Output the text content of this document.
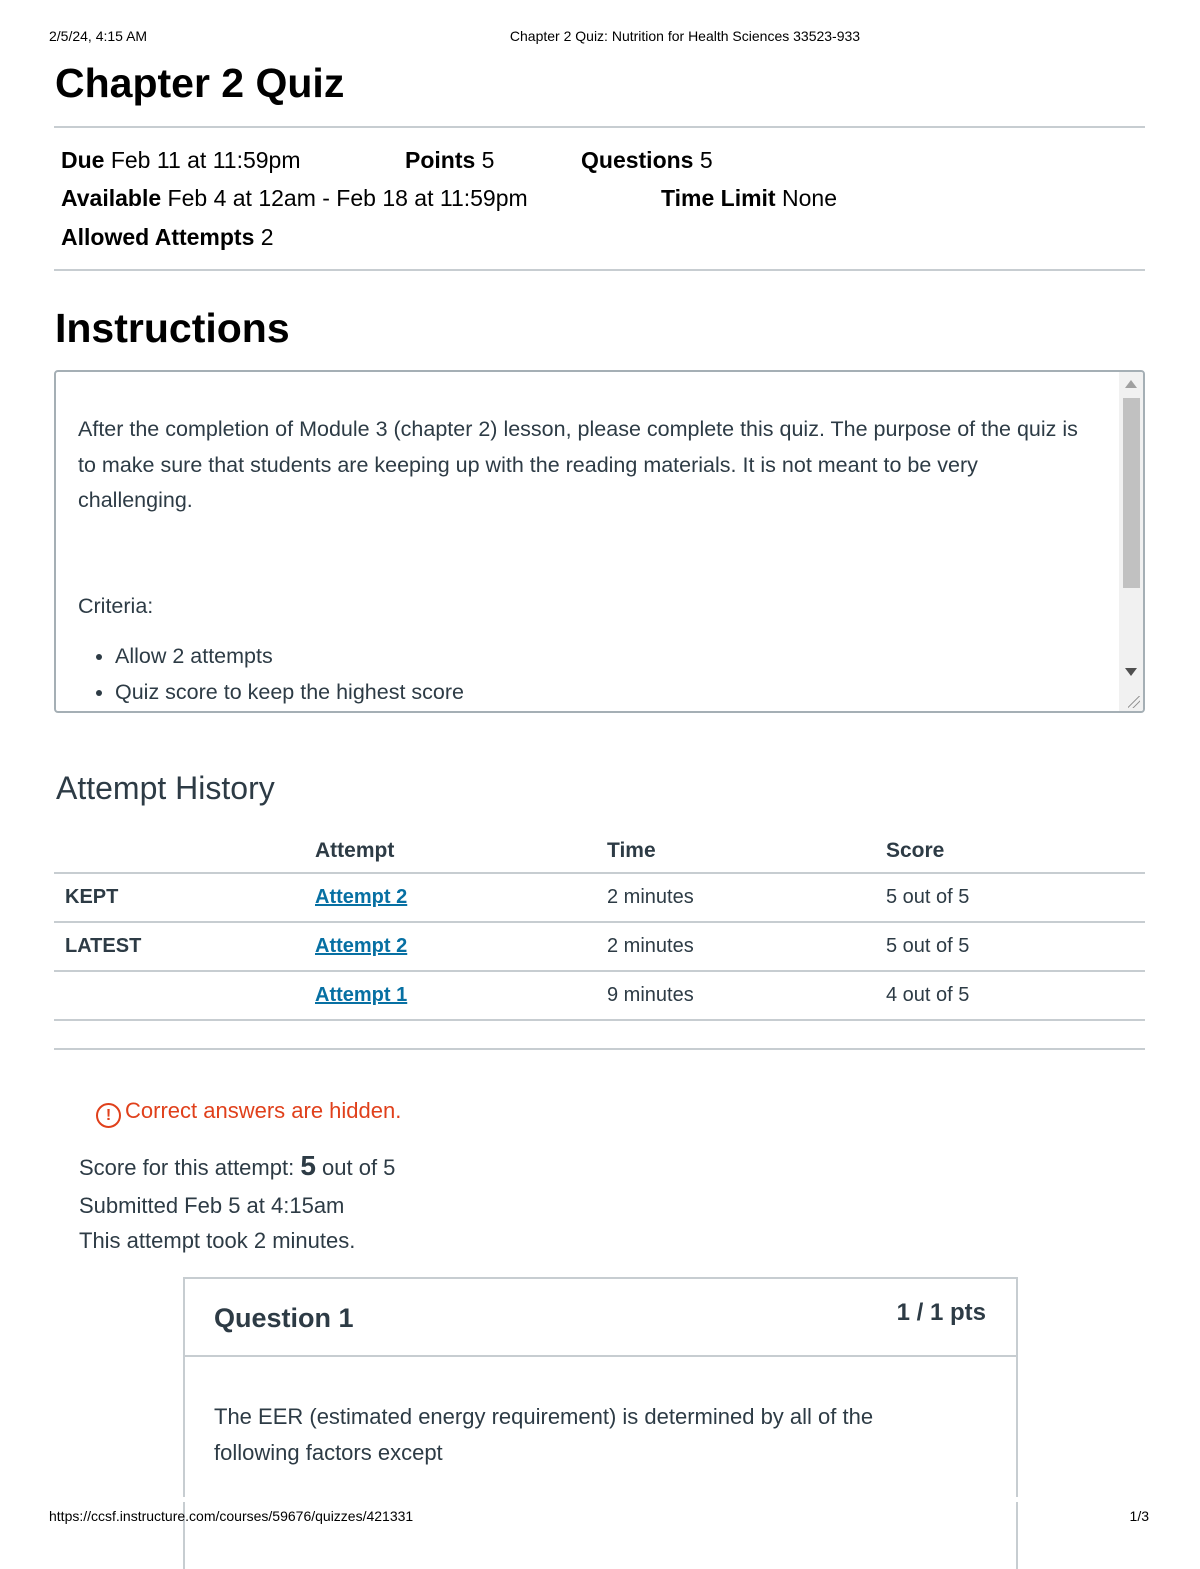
2/5/24, 4:15 AM	Chapter 2 Quiz: Nutrition for Health Sciences 33523-933
Chapter 2 Quiz
Due Feb 11 at 11:59pm	Points 5	Questions 5
Available Feb 4 at 12am - Feb 18 at 11:59pm	Time Limit None
Allowed Attempts 2
Instructions

After the completion of Module 3 (chapter 2) lesson, please complete this quiz. The purpose of the quiz is to make sure that students are keeping up with the reading materials. It is not meant to be very challenging.

Criteria:

• Allow 2 attempts
• Quiz score to keep the highest score
Attempt History
	Attempt	Time	Score
KEPT	Attempt 2	2 minutes	5 out of 5
LATEST	Attempt 2	2 minutes	5 out of 5
	Attempt 1	9 minutes	4 out of 5
! Correct answers are hidden.
Score for this attempt: 5 out of 5
Submitted Feb 5 at 4:15am
This attempt took 2 minutes.
Question 1	1 / 1 pts

The EER (estimated energy requirement) is determined by all of the following factors except

https://ccsf.instructure.com/courses/59676/quizzes/421331	1/3
